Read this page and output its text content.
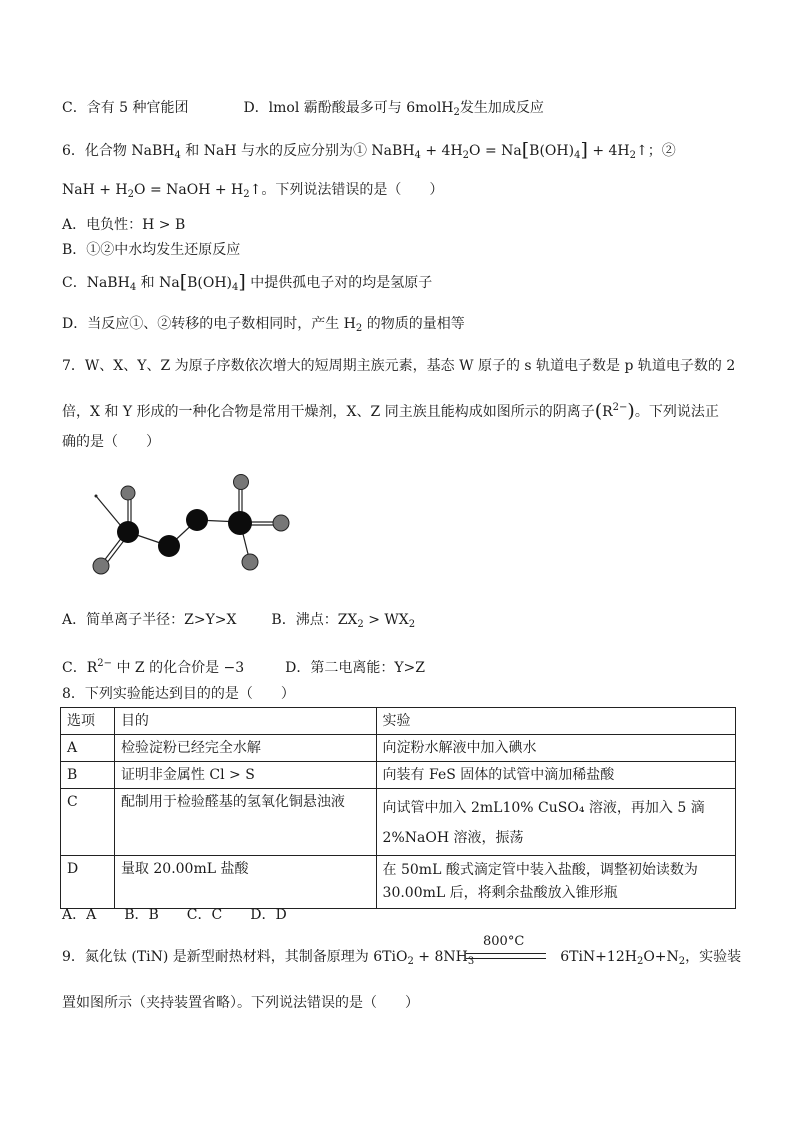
C．含有 5 种官能团	D．lmol 霸酚酸最多可与 6molH$_2$发生加成反应
6．化合物 NaBH$_4$ 和 NaH 与水的反应分别为① NaBH$_4$ + $4H_2O = Na[B(OH)_4]$ + $4H_2↑$；②
NaH + $H_2O$ = NaOH + $H_2↑$。下列说法错误的是（　　）
A．电负性：H > B
B．①②中水均发生还原反应
C．NaBH$_4$ 和 $Na[B(OH)_4]$ 中提供孤电子对的均是氢原子
D．当反应①、②转移的电子数相同时，产生 $H_2$ 的物质的量相等
7．W、X、Y、Z 为原子序数依次增大的短周期主族元素，基态 W 原子的 s 轨道电子数是 p 轨道电子数的 2
倍，X 和 Y 形成的一种化合物是常用干燥剂，X、Z 同主族且能构成如图所示的阴离子$(R^{2-})$。下列说法正
确的是（　　）
A．简单离子半径：Z>Y>X B．沸点：$ZX_2 > WX_2$
C．$R^{2-}$ 中 Z 的化合价是 −3	D．第二电离能：Y>Z
8．下列实验能达到目的的是（　　）
选项	目的	实验
A	检验淀粉已经完全水解	向淀粉水解液中加入碘水
B	证明非金属性 Cl > S	向装有 FeS 固体的试管中滴加稀盐酸
C	配制用于检验醛基的氢氧化铜悬浊液	向试管中加入 2mL10% CuSO₄ 溶液，再加入 5 滴
2%NaOH 溶液，振荡

D	量取 20.00mL 盐酸	在 50mL 酸式滴定管中装入盐酸，调整初始读数为
30.00mL 后，将剩余盐酸放入锥形瓶
A．A　　B．B　　C．C　　D．D
800°C
9．氮化钛 (TiN) 是新型耐热材料，其制备原理为 $6TiO_2 + 8NH_3$	$6TiN+12H_2O+N_2$，实验装
置如图所示（夹持装置省略）。下列说法错误的是（　　）
